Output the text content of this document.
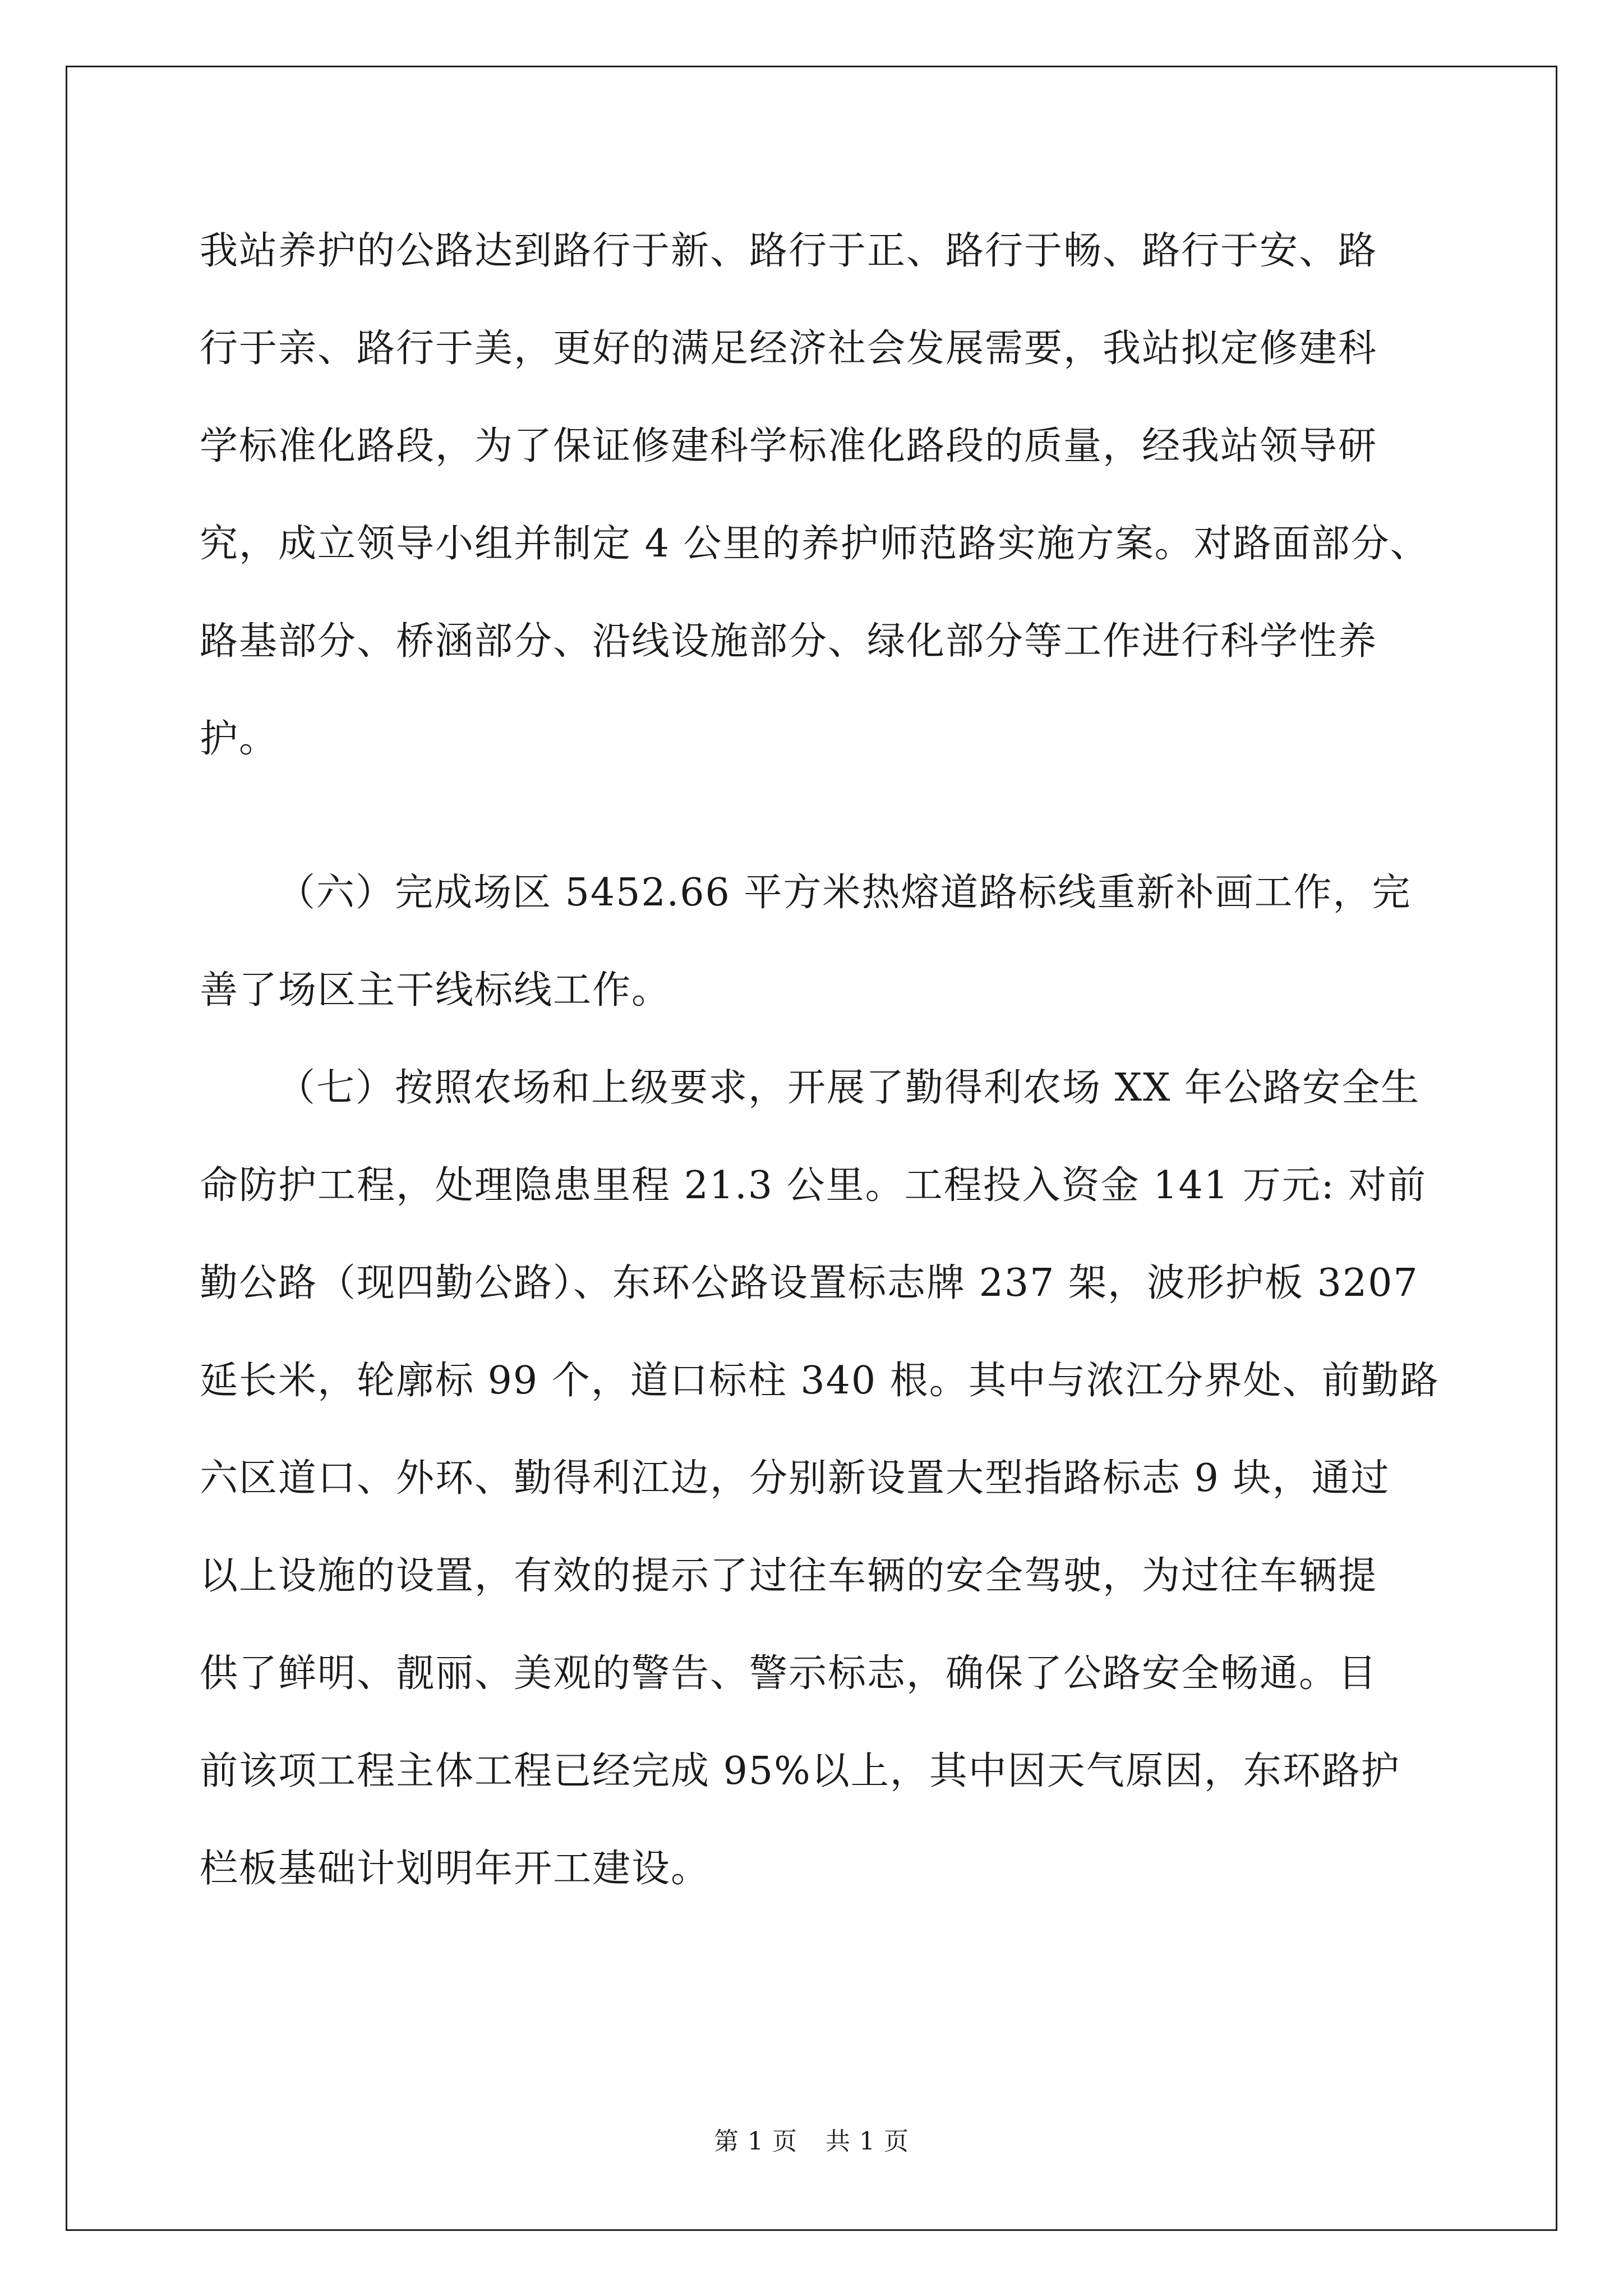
我站养护的公路达到路行于新、路行于正、路行于畅、路行于安、路
行于亲、路行于美，更好的满足经济社会发展需要，我站拟定修建科
学标准化路段，为了保证修建科学标准化路段的质量，经我站领导研
究，成立领导小组并制定 4 公里的养护师范路实施方案。对路面部分、
路基部分、桥涵部分、沿线设施部分、绿化部分等工作进行科学性养
护。
（六）完成场区 5452.66 平方米热熔道路标线重新补画工作，完
善了场区主干线标线工作。
（七）按照农场和上级要求，开展了勤得利农场 XX 年公路安全生
命防护工程，处理隐患里程 21.3 公里。工程投入资金 141 万元: 对前
勤公路（现四勤公路）、东环公路设置标志牌 237 架，波形护板 3207
延长米，轮廓标 99 个，道口标柱 340 根。其中与浓江分界处、前勤路
六区道口、外环、勤得利江边，分别新设置大型指路标志 9 块，通过
以上设施的设置，有效的提示了过往车辆的安全驾驶，为过往车辆提
供了鲜明、靓丽、美观的警告、警示标志，确保了公路安全畅通。目
前该项工程主体工程已经完成 95%以上，其中因天气原因，东环路护
栏板基础计划明年开工建设。
第 1 页 共 1 页
